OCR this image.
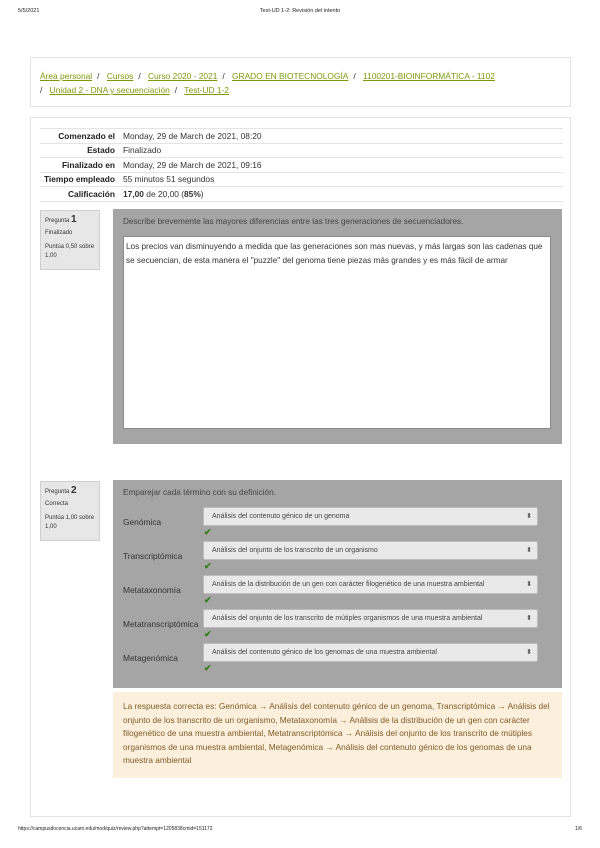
5/5/2021	Test-UD 1-2: Revisión del intento
Área personal / Cursos / Curso 2020 - 2021 / GRADO EN BIOTECNOLOGÍA / 1100201-BIOINFORMÁTICA - 1102
/ Unidad 2 - DNA y secuenciación / Test-UD 1-2
Comenzado el	Monday, 29 de March de 2021, 08:20
Estado	Finalizado
Finalizado en	Monday, 29 de March de 2021, 09:16
Tiempo empleado	55 minutos 51 segundos
Calificación	17,00 de 20,00 (85%)
Pregunta 1
Finalizado
Puntúa 0,50 sobre 1,00
Describe brevemente las mayores diferencias entre las tres generaciones de secuenciadores.
Los precios van disminuyendo a medida que las generaciones son mas nuevas, y más largas son las cadenas que se secuencian, de esta manera el "puzzle" del genoma tiene piezas más grandes y es más fácil de armar
Pregunta 2
Correcta
Puntúa 1,00 sobre 1,00
Emparejar cada término con su definición.
Genómica
Análisis del contenuto génico de un genoma	⬍
✔
Transcriptómica
Análisis del onjunto de los transcrito de un organismo	⬍
✔
Metataxonomía
Análisis de la distribución de un gen con carácter filogenético de una muestra ambiental	⬍
✔
Metatranscriptómica
Análisis del onjunto de los transcrito de mútiples organismos de una muestra ambiental	⬍
✔
Metagenómica
Análisis del contenuto génico de los genomas de una muestra ambiental	⬍
✔
La respuesta correcta es: Genómica → Análisis del contenuto génico de un genoma, Transcriptómica → Análisis del onjunto de los transcrito de un organismo, Metataxonomía → Análisis de la distribución de un gen con carácter filogenético de una muestra ambiental, Metatranscriptómica → Análisis del onjunto de los transcrito de mútiples organismos de una muestra ambiental, Metagenómica → Análisis del contenuto génico de los genomas de una muestra ambiental
https://campusdocencia.ucam.edu/mod/quiz/review.php?attempt=1205838cmid=151172	1/6
